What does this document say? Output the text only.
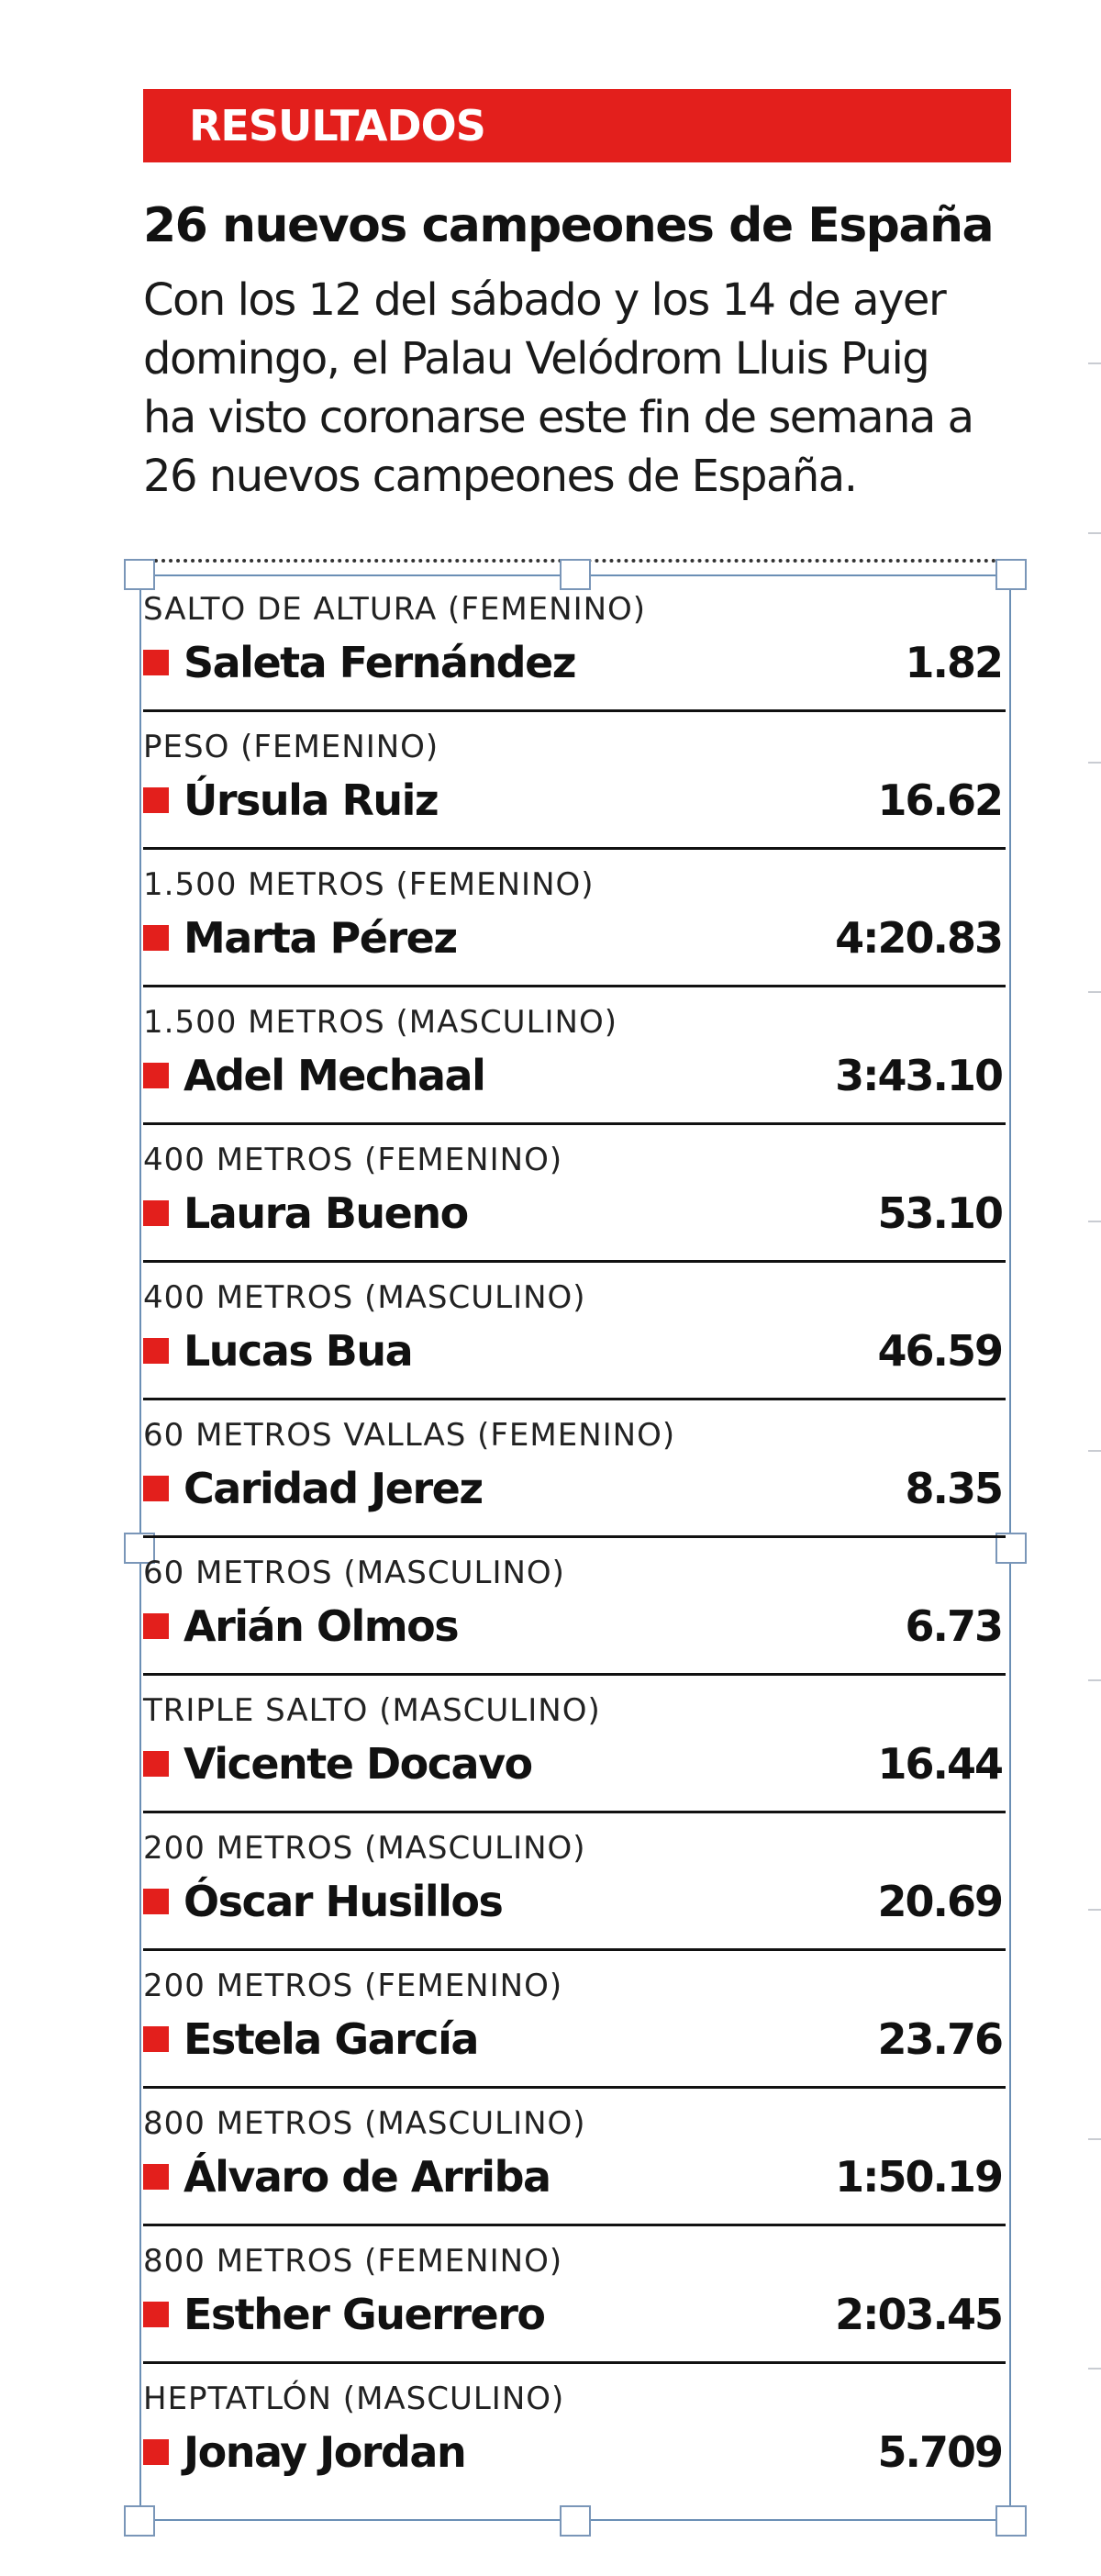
RESULTADOS
26 nuevos campeones de España
Con los 12 del sábado y los 14 de ayer
domingo, el Palau Velódrom Lluis Puig
ha visto coronarse este fin de semana a
26 nuevos campeones de España.
SALTO DE ALTURA (FEMENINO)
Saleta Fernández	1.82
PESO (FEMENINO)
Úrsula Ruiz	16.62
1.500 METROS (FEMENINO)
Marta Pérez	4:20.83
1.500 METROS (MASCULINO)
Adel Mechaal	3:43.10
400 METROS (FEMENINO)
Laura Bueno	53.10
400 METROS (MASCULINO)
Lucas Bua	46.59
60 METROS VALLAS (FEMENINO)
Caridad Jerez	8.35
60 METROS (MASCULINO)
Arián Olmos	6.73
TRIPLE SALTO (MASCULINO)
Vicente Docavo	16.44
200 METROS (MASCULINO)
Óscar Husillos	20.69
200 METROS (FEMENINO)
Estela García	23.76
800 METROS (MASCULINO)
Álvaro de Arriba	1:50.19
800 METROS (FEMENINO)
Esther Guerrero	2:03.45
HEPTATLÓN (MASCULINO)
Jonay Jordan	5.709
